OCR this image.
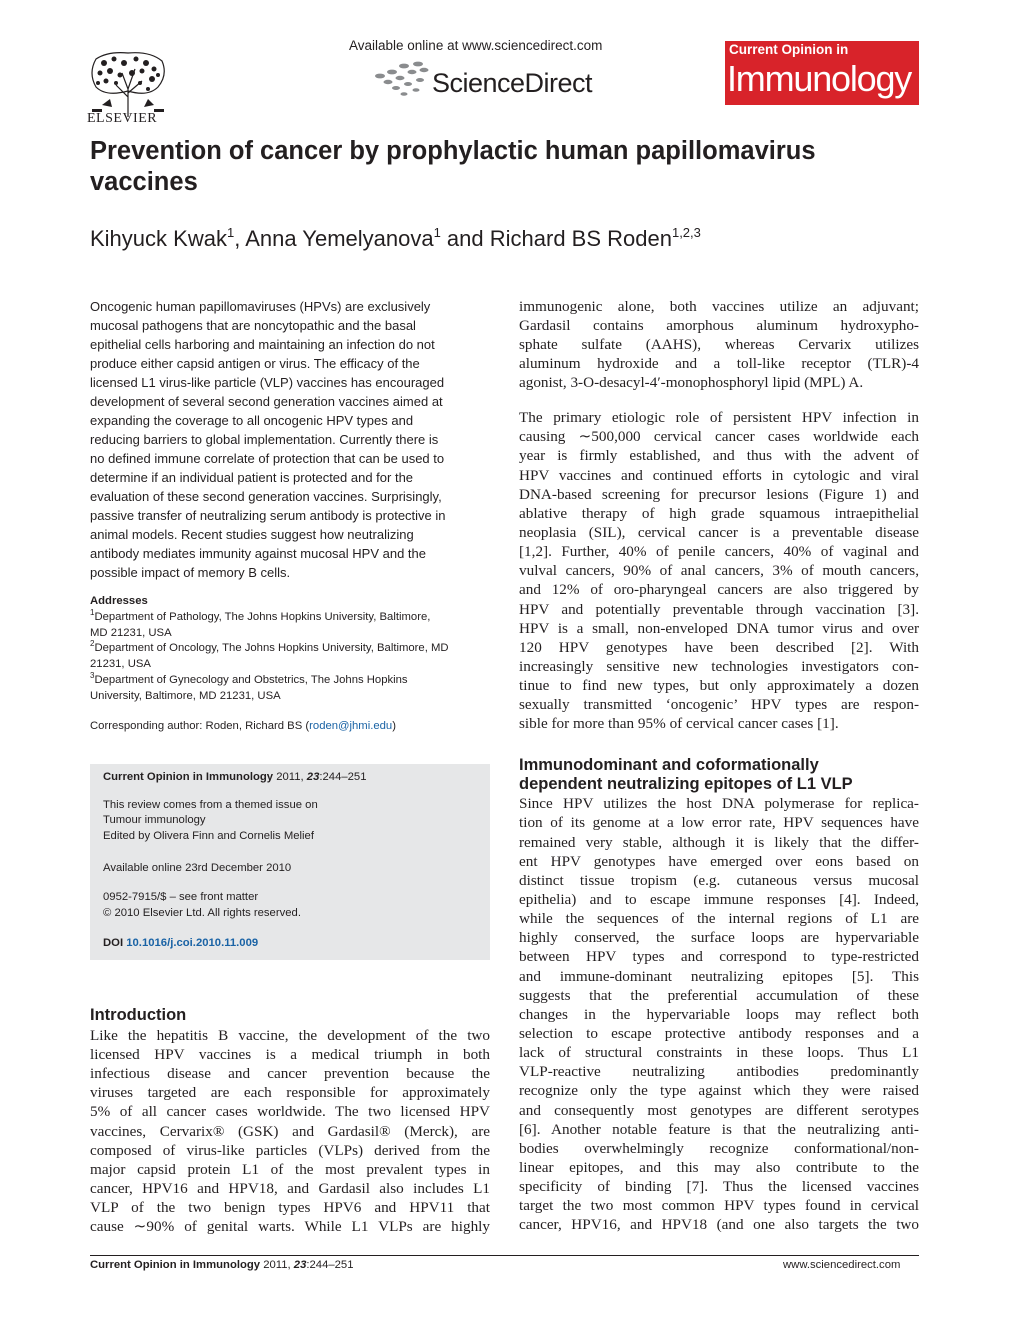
ELSEVIER
Available online at www.sciencedirect.com
ScienceDirect
Current Opinion in
Immunology
Prevention of cancer by prophylactic human papillomavirus
vaccines
Kihyuck Kwak$^1$, Anna Yemelyanova$^1$ and Richard BS Roden$^{1,2,3}$
Oncogenic human papillomaviruses (HPVs) are exclusively
mucosal pathogens that are noncytopathic and the basal
epithelial cells harboring and maintaining an infection do not
produce either capsid antigen or virus. The efficacy of the
licensed L1 virus-like particle (VLP) vaccines has encouraged
development of several second generation vaccines aimed at
expanding the coverage to all oncogenic HPV types and
reducing barriers to global implementation. Currently there is
no defined immune correlate of protection that can be used to
determine if an individual patient is protected and for the
evaluation of these second generation vaccines. Surprisingly,
passive transfer of neutralizing serum antibody is protective in
animal models. Recent studies suggest how neutralizing
antibody mediates immunity against mucosal HPV and the
possible impact of memory B cells.
Addresses
$^1$Department of Pathology, The Johns Hopkins University, Baltimore,
MD 21231, USA
$^2$Department of Oncology, The Johns Hopkins University, Baltimore, MD
21231, USA
$^3$Department of Gynecology and Obstetrics, The Johns Hopkins
University, Baltimore, MD 21231, USA
Corresponding author: Roden, Richard BS (roden@jhmi.edu)
Current Opinion in Immunology 2011, 23:244–251
This review comes from a themed issue on
Tumour immunology
Edited by Olivera Finn and Cornelis Melief
Available online 23rd December 2010
0952-7915/$ – see front matter
© 2010 Elsevier Ltd. All rights reserved.
DOI 10.1016/j.coi.2010.11.009
Introduction
Like the hepatitis B vaccine, the development of the two
licensed HPV vaccines is a medical triumph in both
infectious disease and cancer prevention because the
viruses targeted are each responsible for approximately
5% of all cancer cases worldwide. The two licensed HPV
vaccines, Cervarix® (GSK) and Gardasil® (Merck), are
composed of virus-like particles (VLPs) derived from the
major capsid protein L1 of the most prevalent types in
cancer, HPV16 and HPV18, and Gardasil also includes L1
VLP of the two benign types HPV6 and HPV11 that
cause ∼90% of genital warts. While L1 VLPs are highly
immunogenic alone, both vaccines utilize an adjuvant;
Gardasil contains amorphous aluminum hydroxypho-
sphate sulfate (AAHS), whereas Cervarix utilizes
aluminum hydroxide and a toll-like receptor (TLR)-4
agonist, 3-O-desacyl-4′-monophosphoryl lipid (MPL) A.
The primary etiologic role of persistent HPV infection in
causing ∼500,000 cervical cancer cases worldwide each
year is firmly established, and thus with the advent of
HPV vaccines and continued efforts in cytologic and viral
DNA-based screening for precursor lesions (Figure 1) and
ablative therapy of high grade squamous intraepithelial
neoplasia (SIL), cervical cancer is a preventable disease
[1,2]. Further, 40% of penile cancers, 40% of vaginal and
vulval cancers, 90% of anal cancers, 3% of mouth cancers,
and 12% of oro-pharyngeal cancers are also triggered by
HPV and potentially preventable through vaccination [3].
HPV is a small, non-enveloped DNA tumor virus and over
120 HPV genotypes have been described [2]. With
increasingly sensitive new technologies investigators con-
tinue to find new types, but only approximately a dozen
sexually transmitted ‘oncogenic’ HPV types are respon-
sible for more than 95% of cervical cancer cases [1].
Immunodominant and coformationally
dependent neutralizing epitopes of L1 VLP
Since HPV utilizes the host DNA polymerase for replica-
tion of its genome at a low error rate, HPV sequences have
remained very stable, although it is likely that the differ-
ent HPV genotypes have emerged over eons based on
distinct tissue tropism (e.g. cutaneous versus mucosal
epithelia) and to escape immune responses [4]. Indeed,
while the sequences of the internal regions of L1 are
highly conserved, the surface loops are hypervariable
between HPV types and correspond to type-restricted
and immune-dominant neutralizing epitopes [5]. This
suggests that the preferential accumulation of these
changes in the hypervariable loops may reflect both
selection to escape protective antibody responses and a
lack of structural constraints in these loops. Thus L1
VLP-reactive neutralizing antibodies predominantly
recognize only the type against which they were raised
and consequently most genotypes are different serotypes
[6]. Another notable feature is that the neutralizing anti-
bodies overwhelmingly recognize conformational/non-
linear epitopes, and this may also contribute to the
specificity of binding [7]. Thus the licensed vaccines
target the two most common HPV types found in cervical
cancer, HPV16, and HPV18 (and one also targets the two
Current Opinion in Immunology 2011, 23:244–251	www.sciencedirect.com
